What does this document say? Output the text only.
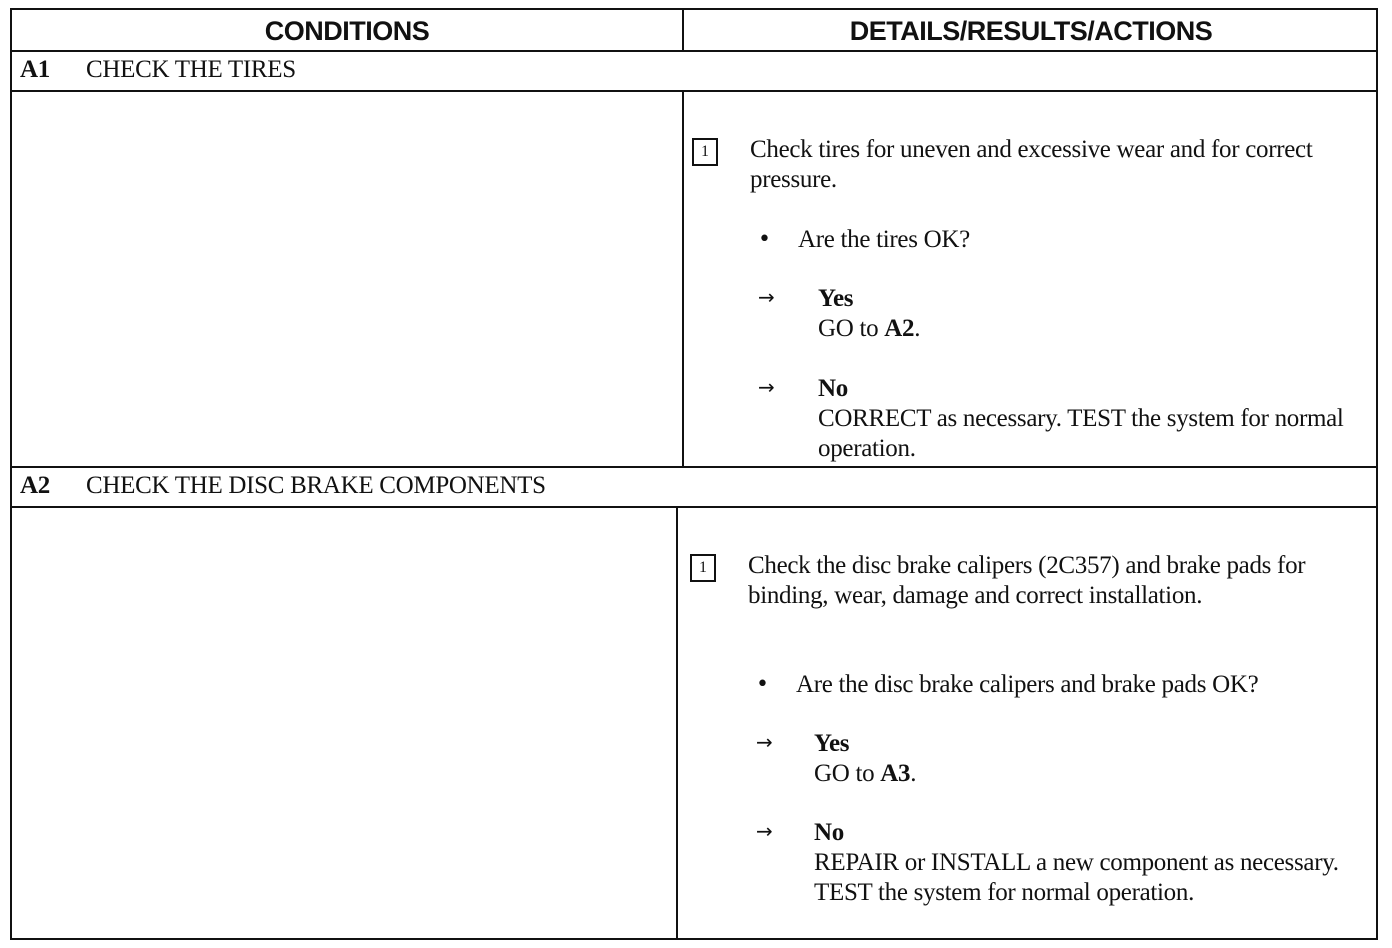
CONDITIONS	DETAILS/RESULTS/ACTIONS
A1 CHECK THE TIRES
1	Check tires for uneven and excessive wear and for correct pressure.
• Are the tires OK?
→ Yes
GO to A2.
→ No
CORRECT as necessary. TEST the system for normal operation.
A2 CHECK THE DISC BRAKE COMPONENTS
1	Check the disc brake calipers (2C357) and brake pads for binding, wear, damage and correct installation.
• Are the disc brake calipers and brake pads OK?
→ Yes
GO to A3.
→ No
REPAIR or INSTALL a new component as necessary. TEST the system for normal operation.
